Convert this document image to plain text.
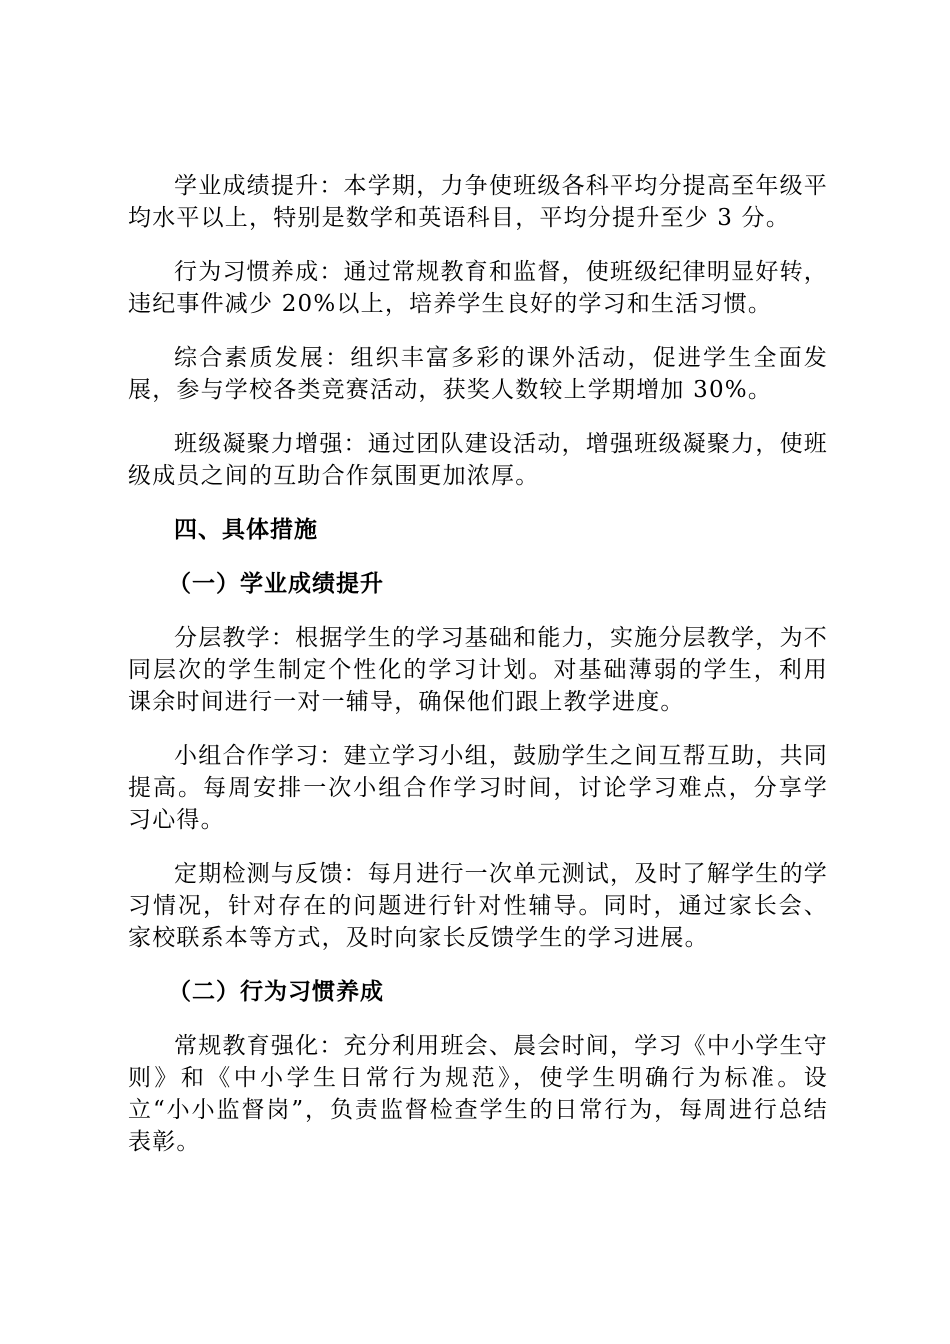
学业成绩提升：本学期，力争使班级各科平均分提高至年级平均水平以上，特别是数学和英语科目，平均分提升至少 3 分。

行为习惯养成：通过常规教育和监督，使班级纪律明显好转，违纪事件减少 20%以上，培养学生良好的学习和生活习惯。

综合素质发展：组织丰富多彩的课外活动，促进学生全面发展，参与学校各类竞赛活动，获奖人数较上学期增加 30%。

班级凝聚力增强：通过团队建设活动，增强班级凝聚力，使班级成员之间的互助合作氛围更加浓厚。

四、具体措施
（一）学业成绩提升

分层教学：根据学生的学习基础和能力，实施分层教学，为不同层次的学生制定个性化的学习计划。对基础薄弱的学生，利用课余时间进行一对一辅导，确保他们跟上教学进度。

小组合作学习：建立学习小组，鼓励学生之间互帮互助，共同提高。每周安排一次小组合作学习时间，讨论学习难点，分享学习心得。

定期检测与反馈：每月进行一次单元测试，及时了解学生的学习情况，针对存在的问题进行针对性辅导。同时，通过家长会、家校联系本等方式，及时向家长反馈学生的学习进展。

（二）行为习惯养成

常规教育强化：充分利用班会、晨会时间，学习《中小学生守则》和《中小学生日常行为规范》，使学生明确行为标准。设立“小小监督岗”，负责监督检查学生的日常行为，每周进行总结表彰。
